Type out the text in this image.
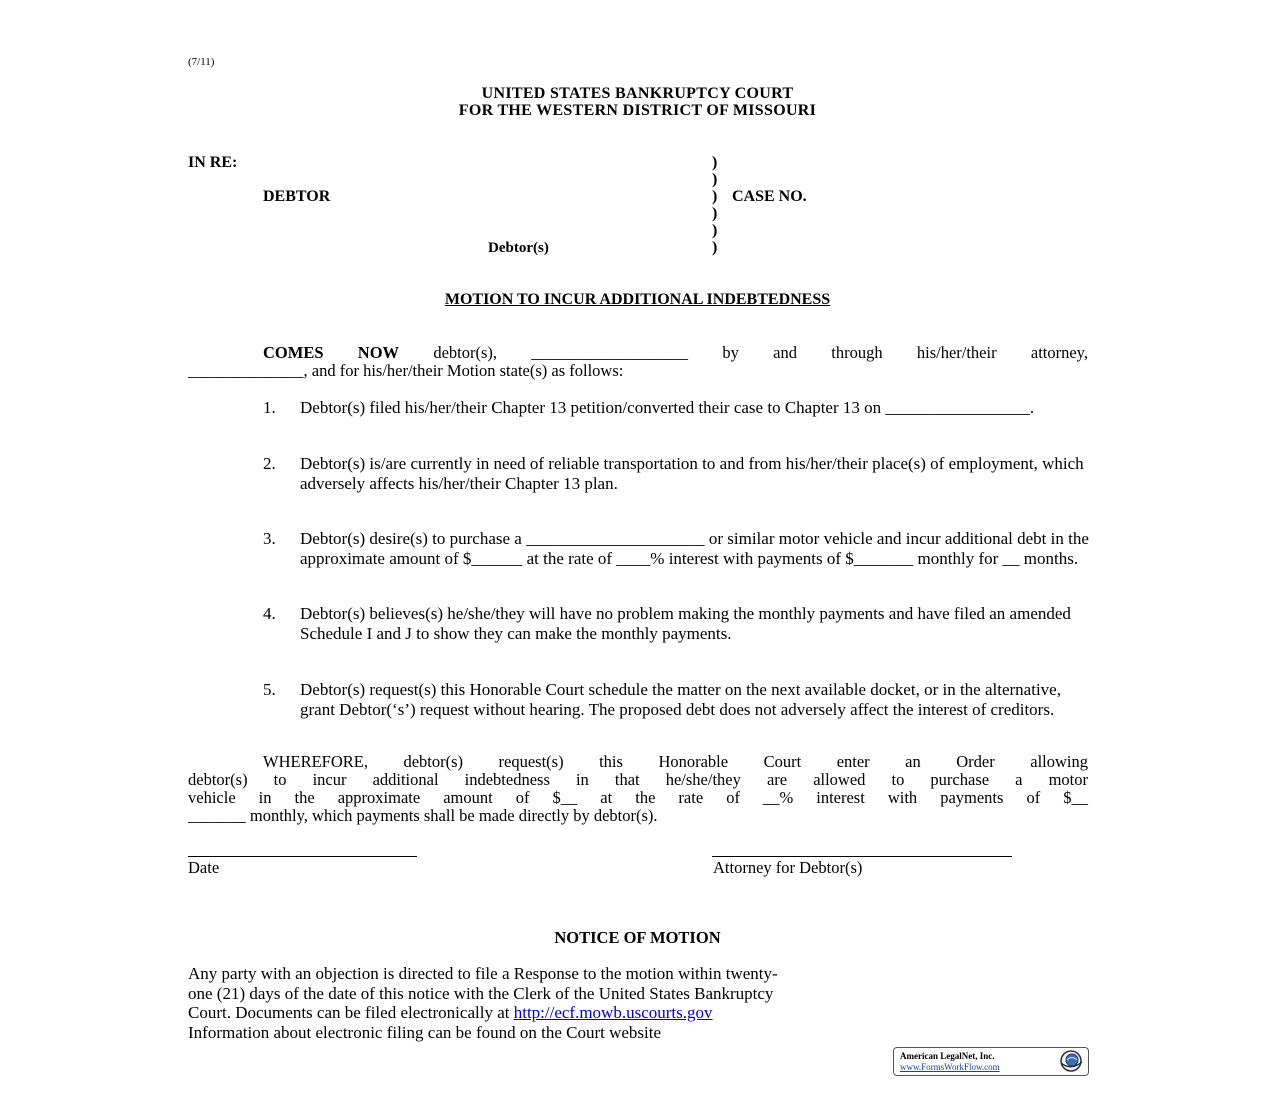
(7/11)
UNITED STATES BANKRUPTCY COURT
FOR THE WESTERN DISTRICT OF MISSOURI
IN RE:
DEBTOR
Debtor(s)
)
)
)
)
)
)
CASE NO.
MOTION TO INCUR ADDITIONAL INDEBTEDNESS
COMES NOW debtor(s), ___________________ by and through his/her/their attorney,
______________, and for his/her/their Motion state(s) as follows:
1. Debtor(s) filed his/her/their Chapter 13 petition/converted their case to Chapter 13 on _________________.
2. Debtor(s) is/are currently in need of reliable transportation to and from his/her/their place(s) of employment, which adversely affects his/her/their Chapter 13 plan.
3. Debtor(s) desire(s) to purchase a _____________________ or similar motor vehicle and incur additional debt in the approximate amount of $______ at the rate of ____% interest with payments of $_______ monthly for __ months.
4. Debtor(s) believes(s) he/she/they will have no problem making the monthly payments and have filed an amended Schedule I and J to show they can make the monthly payments.
5. Debtor(s) request(s) this Honorable Court schedule the matter on the next available docket, or in the alternative, grant Debtor(‘s’) request without hearing. The proposed debt does not adversely affect the interest of creditors.
WHEREFORE, debtor(s) request(s) this Honorable Court enter an Order allowing
debtor(s) to incur additional indebtedness in that he/she/they are allowed to purchase a motor
vehicle in the approximate amount of $__ at the rate of __% interest with payments of $__
_______ monthly, which payments shall be made directly by debtor(s).
Date	Attorney for Debtor(s)
NOTICE OF MOTION
Any party with an objection is directed to file a Response to the motion within twenty-
one (21) days of the date of this notice with the Clerk of the United States Bankruptcy
Court. Documents can be filed electronically at http://ecf.mowb.uscourts.gov
Information about electronic filing can be found on the Court website
American LegalNet, Inc.
www.FormsWorkFlow.com
